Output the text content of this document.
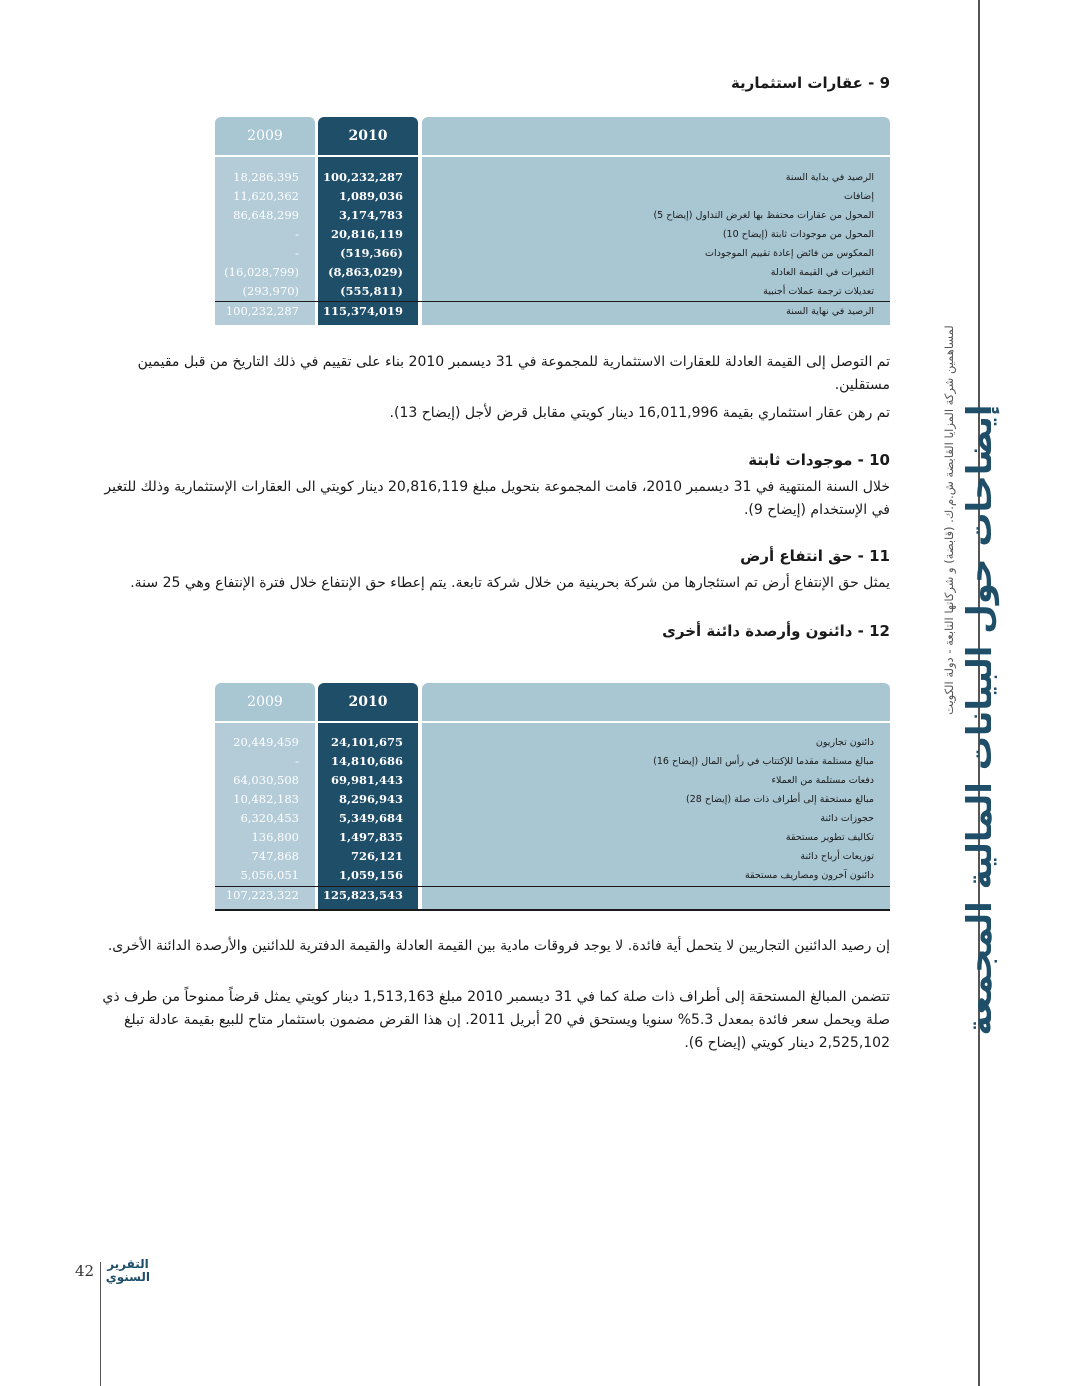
إيضاحات حول البيانات المالية المجمعة
لمساهمين شركة المزايا القابضة ش.م.ك. (قابضة) و شركاتها التابعة - دولة الكويت
9 - عقارات استثمارية
2009	2010
18,286,395	100,232,287	الرصيد في بداية السنة
11,620,362	1,089,036	إضافات
86,648,299	3,174,783	المحول من عقارات محتفظ بها لغرض التداول (إيضاح 5)
-	20,816,119	المحول من موجودات ثابتة (إيضاح 10)
-	(519,366)	المعكوس من فائض إعادة تقييم الموجودات
(16,028,799)	(8,863,029)	التغيرات في القيمة العادلة
(293,970)	(555,811)	تعديلات ترجمة عملات أجنبية
100,232,287	115,374,019	الرصيد في نهاية السنة
تم التوصل إلى القيمة العادلة للعقارات الاستثمارية للمجموعة في 31 ديسمبر 2010 بناء على تقييم في ذلك التاريخ من قبل مقيمين مستقلين.
تم رهن عقار استثماري بقيمة 16,011,996 دينار كويتي مقابل قرض لأجل (إيضاح 13).
10 - موجودات ثابتة
خلال السنة المنتهية في 31 ديسمبر 2010، قامت المجموعة بتحويل مبلغ 20,816,119 دينار كويتي الى العقارات الإستثمارية وذلك للتغير في الإستخدام (إيضاح 9).
11 - حق انتفاع أرض
يمثل حق الإنتفاع أرض تم استئجارها من شركة بحرينية من خلال شركة تابعة. يتم إعطاء حق الإنتفاع خلال فترة الإنتفاع وهي 25 سنة.
12 - دائنون وأرصدة دائنة أخرى
2009	2010
20,449,459	24,101,675	دائنون تجاريون
-	14,810,686	مبالغ مستلمة مقدما للإكتتاب في رأس المال (إيضاح 16)
64,030,508	69,981,443	دفعات مستلمة من العملاء
10,482,183	8,296,943	مبالغ مستحقة إلى أطراف ذات صلة (إيضاح 28)
6,320,453	5,349,684	حجوزات دائنة
136,800	1,497,835	تكاليف تطوير مستحقة
747,868	726,121	توزيعات أرباح دائنة
5,056,051	1,059,156	دائنون آخرون ومصاريف مستحقة
107,223,322	125,823,543
إن رصيد الدائنين التجاريين لا يتحمل أية فائدة. لا يوجد فروقات مادية بين القيمة العادلة والقيمة الدفترية للدائنين والأرصدة الدائنة الأخرى.
تتضمن المبالغ المستحقة إلى أطراف ذات صلة كما في 31 ديسمبر 2010 مبلغ 1,513,163 دينار كويتي يمثل قرضاً ممنوحاً من طرف ذي صلة ويحمل سعر فائدة بمعدل 5.3% سنويا ويستحق في 20 أبريل 2011. إن هذا القرض مضمون باستثمار متاح للبيع بقيمة عادلة تبلغ 2,525,102 دينار كويتي (إيضاح 6).
42 التقرير
السنوي
